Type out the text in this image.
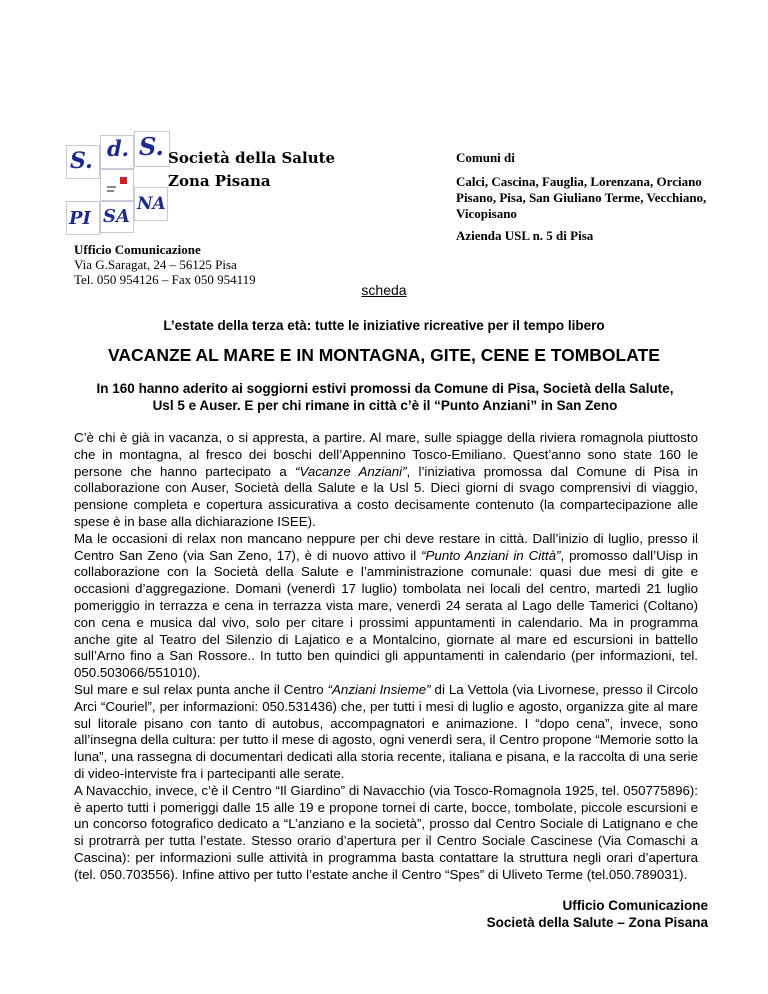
S. d. S.
PI SA
NA
Società della Salute
Zona Pisana

Comuni di

Calci, Cascina, Fauglia, Lorenzana, Orciano Pisano, Pisa, San Giuliano Terme, Vecchiano, Vicopisano

Azienda USL n. 5 di Pisa
Ufficio Comunicazione
Via G.Saragat, 24 – 56125 Pisa
Tel. 050 954126 – Fax 050 954119
scheda
L’estate della terza età: tutte le iniziative ricreative per il tempo libero
VACANZE AL MARE E IN MONTAGNA, GITE, CENE E TOMBOLATE
In 160 hanno aderito ai soggiorni estivi promossi da Comune di Pisa, Società della Salute, Usl 5 e Auser. E per chi rimane in città c’è il “Punto Anziani” in San Zeno

C’è chi è già in vacanza, o si appresta, a partire. Al mare, sulle spiagge della riviera romagnola piuttosto che in montagna, al fresco dei boschi dell’Appennino Tosco-Emiliano. Quest’anno sono state 160 le persone che hanno partecipato a “Vacanze Anziani”, l’iniziativa promossa dal Comune di Pisa in collaborazione con Auser, Società della Salute e la Usl 5. Dieci giorni di svago comprensivi di viaggio, pensione completa e copertura assicurativa a costo decisamente contenuto (la compartecipazione alle spese è in base alla dichiarazione ISEE).

Ma le occasioni di relax non mancano neppure per chi deve restare in città. Dall’inizio di luglio, presso il Centro San Zeno (via San Zeno, 17), è di nuovo attivo il “Punto Anziani in Città”, promosso dall’Uisp in collaborazione con la Società della Salute e l’amministrazione comunale: quasi due mesi di gite e occasioni d’aggregazione. Domani (venerdì 17 luglio) tombolata nei locali del centro, martedì 21 luglio pomeriggio in terrazza e cena in terrazza vista mare, venerdì 24 serata al Lago delle Tamerici (Coltano) con cena e musica dal vivo, solo per citare i prossimi appuntamenti in calendario. Ma in programma anche gite al Teatro del Silenzio di Lajatico e a Montalcino, giornate al mare ed escursioni in battello sull’Arno fino a San Rossore.. In tutto ben quindici gli appuntamenti in calendario (per informazioni, tel. 050.503066/551010).

Sul mare e sul relax punta anche il Centro “Anziani Insieme” di La Vettola (via Livornese, presso il Circolo Arci “Couriel”, per informazioni: 050.531436) che, per tutti i mesi di luglio e agosto, organizza gite al mare sul litorale pisano con tanto di autobus, accompagnatori e animazione. I “dopo cena”, invece, sono all’insegna della cultura: per tutto il mese di agosto, ogni venerdì sera, il Centro propone “Memorie sotto la luna”, una rassegna di documentari dedicati alla storia recente, italiana e pisana, e la raccolta di una serie di video-interviste fra i partecipanti alle serate.

A Navacchio, invece, c’è il Centro “Il Giardino” di Navacchio (via Tosco-Romagnola 1925, tel. 050775896): è aperto tutti i pomeriggi dalle 15 alle 19 e propone tornei di carte, bocce, tombolate, piccole escursioni e un concorso fotografico dedicato a “L’anziano e la società”, prosso dal Centro Sociale di Latignano e che si protrarrà per tutta l’estate. Stesso orario d’apertura per il Centro Sociale Cascinese (Via Comaschi a Cascina): per informazioni sulle attività in programma basta contattare la struttura negli orari d’apertura (tel. 050.703556). Infine attivo per tutto l’estate anche il Centro “Spes” di Uliveto Terme (tel.050.789031).

Ufficio Comunicazione
Società della Salute – Zona Pisana
